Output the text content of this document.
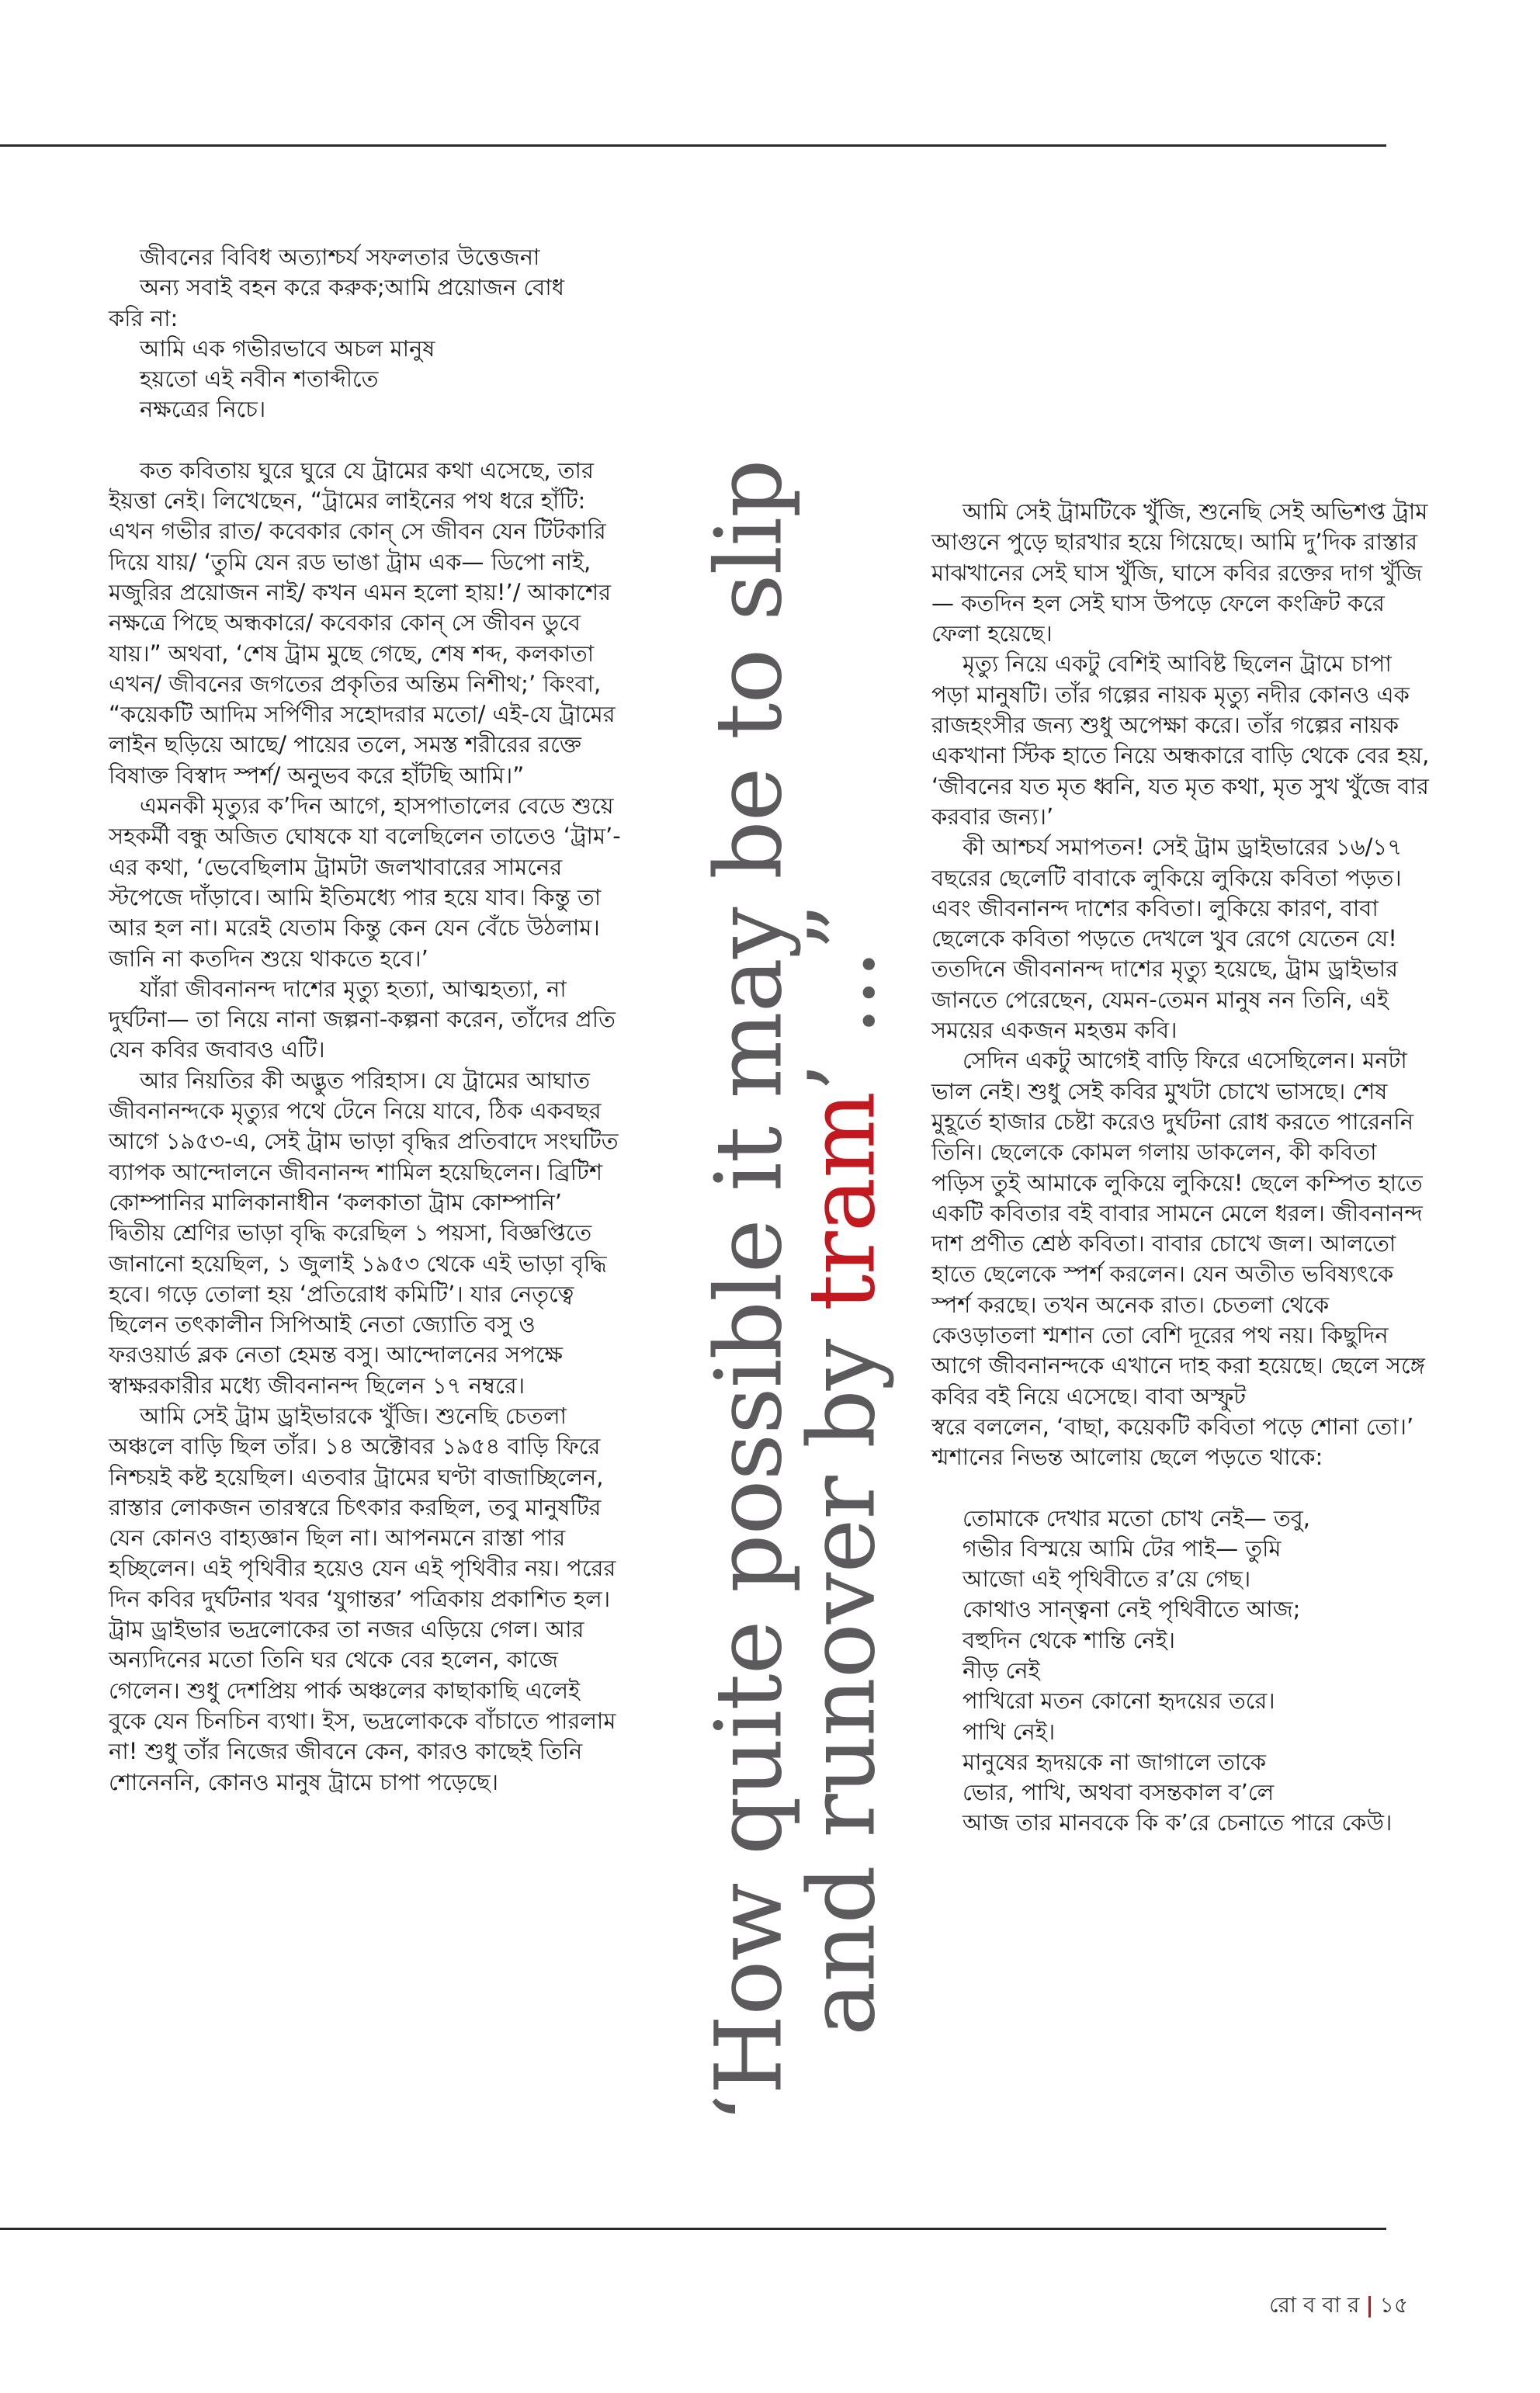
জীবনের বিবিধ অত্যাশ্চর্য সফলতার উত্তেজনা
অন্য সবাই বহন করে করুক;আমি প্রয়োজন বোধ
করি না:
আমি এক গভীরভাবে অচল মানুষ
হয়তো এই নবীন শতাব্দীতে
নক্ষত্রের নিচে।

কত কবিতায় ঘুরে ঘুরে যে ট্রামের কথা এসেছে, তার ইয়ত্তা নেই। লিখেছেন, “ট্রামের লাইনের পথ ধরে হাঁটি: এখন গভীর রাত/ কবেকার কোন্ সে জীবন যেন টিটকারি দিয়ে যায়/ ‘তুমি যেন রড ভাঙা ট্রাম এক— ডিপো নাই, মজুরির প্রয়োজন নাই/ কখন এমন হলো হায়!’/ আকাশের নক্ষত্রে পিছে অন্ধকারে/ কবেকার কোন্ সে জীবন ডুবে যায়।” অথবা, ‘শেষ ট্রাম মুছে গেছে, শেষ শব্দ, কলকাতা এখন/ জীবনের জগতের প্রকৃতির অন্তিম নিশীথ;’ কিংবা, “কয়েকটি আদিম সর্পিণীর সহোদরার মতো/ এই-যে ট্রামের লাইন ছড়িয়ে আছে/ পায়ের তলে, সমস্ত শরীরের রক্তে বিষাক্ত বিস্বাদ স্পর্শ/ অনুভব করে হাঁটছি আমি।”

এমনকী মৃত্যুর ক’দিন আগে, হাসপাতালের বেডে শুয়ে সহকর্মী বন্ধু অজিত ঘোষকে যা বলেছিলেন তাতেও ‘ট্রাম’-এর কথা, ‘ভেবেছিলাম ট্রামটা জলখাবারের সামনের স্টপেজে দাঁড়াবে। আমি ইতিমধ্যে পার হয়ে যাব। কিন্তু তা আর হল না। মরেই যেতাম কিন্তু কেন যেন বেঁচে উঠলাম। জানি না কতদিন শুয়ে থাকতে হবে।’

যাঁরা জীবনানন্দ দাশের মৃত্যু হত্যা, আত্মহত্যা, না দুর্ঘটনা— তা নিয়ে নানা জল্পনা-কল্পনা করেন, তাঁদের প্রতি যেন কবির জবাবও এটি।

আর নিয়তির কী অদ্ভুত পরিহাস। যে ট্রামের আঘাত জীবনানন্দকে মৃত্যুর পথে টেনে নিয়ে যাবে, ঠিক একবছর আগে ১৯৫৩-এ, সেই ট্রাম ভাড়া বৃদ্ধির প্রতিবাদে সংঘটিত ব্যাপক আন্দোলনে জীবনানন্দ শামিল হয়েছিলেন। ব্রিটিশ কোম্পানির মালিকানাধীন ‘কলকাতা ট্রাম কোম্পানি’ দ্বিতীয় শ্রেণির ভাড়া বৃদ্ধি করেছিল ১ পয়সা, বিজ্ঞপ্তিতে জানানো হয়েছিল, ১ জুলাই ১৯৫৩ থেকে এই ভাড়া বৃদ্ধি হবে। গড়ে তোলা হয় ‘প্রতিরোধ কমিটি’। যার নেতৃত্বে ছিলেন তৎকালীন সিপিআই নেতা জ্যোতি বসু ও ফরওয়ার্ড ব্লক নেতা হেমন্ত বসু। আন্দোলনের সপক্ষে স্বাক্ষরকারীর মধ্যে জীবনানন্দ ছিলেন ১৭ নম্বরে।

আমি সেই ট্রাম ড্রাইভারকে খুঁজি। শুনেছি চেতলা অঞ্চলে বাড়ি ছিল তাঁর। ১৪ অক্টোবর ১৯৫৪ বাড়ি ফিরে নিশ্চয়ই কষ্ট হয়েছিল। এতবার ট্রামের ঘণ্টা বাজাচ্ছিলেন, রাস্তার লোকজন তারস্বরে চিৎকার করছিল, তবু মানুষটির যেন কোনও বাহ্যজ্ঞান ছিল না। আপনমনে রাস্তা পার হচ্ছিলেন। এই পৃথিবীর হয়েও যেন এই পৃথিবীর নয়। পরের দিন কবির দুর্ঘটনার খবর ‘যুগান্তর’ পত্রিকায় প্রকাশিত হল। ট্রাম ড্রাইভার ভদ্রলোকের তা নজর এড়িয়ে গেল। আর অন্যদিনের মতো তিনি ঘর থেকে বের হলেন, কাজে গেলেন। শুধু দেশপ্রিয় পার্ক অঞ্চলের কাছাকাছি এলেই বুকে যেন চিনচিন ব্যথা। ইস, ভদ্রলোককে বাঁচাতে পারলাম না! শুধু তাঁর নিজের জীবনে কেন, কারও কাছেই তিনি শোনেননি, কোনও মানুষ ট্রামে চাপা পড়েছে।	‘How quite possible it may be to slip
and runover by tram’ ...”

আমি সেই ট্রামটিকে খুঁজি, শুনেছি সেই অভিশপ্ত ট্রাম আগুনে পুড়ে ছারখার হয়ে গিয়েছে। আমি দু’দিক রাস্তার মাঝখানের সেই ঘাস খুঁজি, ঘাসে কবির রক্তের দাগ খুঁজি— কতদিন হল সেই ঘাস উপড়ে ফেলে কংক্রিট করে ফেলা হয়েছে।

মৃত্যু নিয়ে একটু বেশিই আবিষ্ট ছিলেন ট্রামে চাপা পড়া মানুষটি। তাঁর গল্পের নায়ক মৃত্যু নদীর কোনও এক রাজহংসীর জন্য শুধু অপেক্ষা করে। তাঁর গল্পের নায়ক একখানা স্টিক হাতে নিয়ে অন্ধকারে বাড়ি থেকে বের হয়, ‘জীবনের যত মৃত ধ্বনি, যত মৃত কথা, মৃত সুখ খুঁজে বার করবার জন্য।’

কী আশ্চর্য সমাপতন! সেই ট্রাম ড্রাইভারের ১৬/১৭ বছরের ছেলেটি বাবাকে লুকিয়ে লুকিয়ে কবিতা পড়ত। এবং জীবনানন্দ দাশের কবিতা। লুকিয়ে কারণ, বাবা ছেলেকে কবিতা পড়তে দেখলে খুব রেগে যেতেন যে! ততদিনে জীবনানন্দ দাশের মৃত্যু হয়েছে, ট্রাম ড্রাইভার জানতে পেরেছেন, যেমন-তেমন মানুষ নন তিনি, এই সময়ের একজন মহত্তম কবি।

সেদিন একটু আগেই বাড়ি ফিরে এসেছিলেন। মনটা ভাল নেই। শুধু সেই কবির মুখটা চোখে ভাসছে। শেষ মুহূর্তে হাজার চেষ্টা করেও দুর্ঘটনা রোধ করতে পারেননি তিনি। ছেলেকে কোমল গলায় ডাকলেন, কী কবিতা পড়িস তুই আমাকে লুকিয়ে লুকিয়ে! ছেলে কম্পিত হাতে একটি কবিতার বই বাবার সামনে মেলে ধরল। জীবনানন্দ দাশ প্রণীত শ্রেষ্ঠ কবিতা। বাবার চোখে জল। আলতো হাতে ছেলেকে স্পর্শ করলেন। যেন অতীত ভবিষ্যৎকে স্পর্শ করছে। তখন অনেক রাত। চেতলা থেকে কেওড়াতলা শ্মশান তো বেশি দূরের পথ নয়। কিছুদিন আগে জীবনানন্দকে এখানে দাহ করা হয়েছে। ছেলে সঙ্গে কবির বই নিয়ে এসেছে। বাবা অস্ফুট

স্বরে বললেন, ‘বাছা, কয়েকটি কবিতা পড়ে শোনা তো।’ শ্মশানের নিভন্ত আলোয় ছেলে পড়তে থাকে:

তোমাকে দেখার মতো চোখ নেই— তবু,
গভীর বিস্ময়ে আমি টের পাই— তুমি
আজো এই পৃথিবীতে র’য়ে গেছ।
কোথাও সান্ত্বনা নেই পৃথিবীতে আজ;
বহুদিন থেকে শান্তি নেই।
নীড় নেই
পাখিরো মতন কোনো হৃদয়ের তরে।
পাখি নেই।
মানুষের হৃদয়কে না জাগালে তাকে
ভোর, পাখি, অথবা বসন্তকাল ব’লে
আজ তার মানবকে কি ক’রে চেনাতে পারে কেউ।
রো ব বা র | ১৫
